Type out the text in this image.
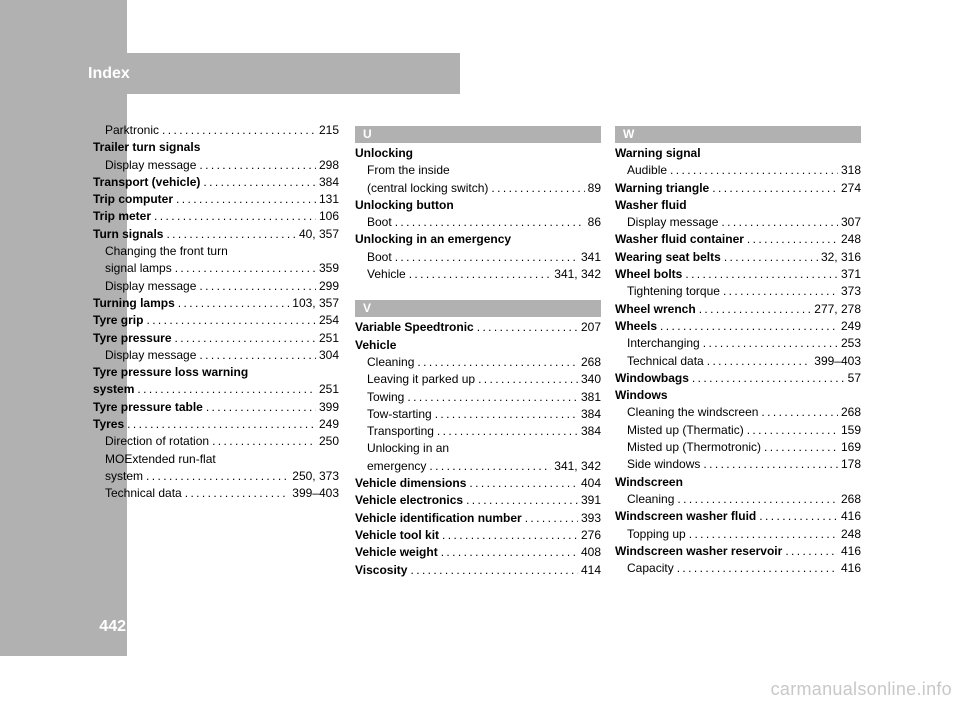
Index
442
Parktronic .....	215
Trailer turn signals
Display message .....	298
Transport (vehicle) .....	384
Trip computer .....	131
Trip meter .....	106
Turn signals .....	40, 357
Changing the front turn
signal lamps .....	359
Display message .....	299
Turning lamps .....	103, 357
Tyre grip .....	254
Tyre pressure .....	251
Display message .....	304
Tyre pressure loss warning
system .....	251
Tyre pressure table .....	399
Tyres .....	249
Direction of rotation .....	250
MOExtended run-flat
system .....	250, 373
Technical data .....	399–403
U
Unlocking
From the inside
(central locking switch) .....	89
Unlocking button
Boot .....	86
Unlocking in an emergency
Boot .....	341
Vehicle .....	341, 342
V
Variable Speedtronic .....	207
Vehicle
Cleaning .....	268
Leaving it parked up .....	340
Towing .....	381
Tow-starting .....	384
Transporting .....	384
Unlocking in an
emergency .....	341, 342
Vehicle dimensions .....	404
Vehicle electronics .....	391
Vehicle identification number .....	393
Vehicle tool kit .....	276
Vehicle weight .....	408
Viscosity .....	414
W
Warning signal
Audible .....	318
Warning triangle .....	274
Washer fluid
Display message .....	307
Washer fluid container .....	248
Wearing seat belts .....	32, 316
Wheel bolts .....	371
Tightening torque .....	373
Wheel wrench .....	277, 278
Wheels .....	249
Interchanging .....	253
Technical data .....	399–403
Windowbags .....	57
Windows
Cleaning the windscreen .....	268
Misted up (Thermatic) .....	159
Misted up (Thermotronic) .....	169
Side windows .....	178
Windscreen
Cleaning .....	268
Windscreen washer fluid .....	416
Topping up .....	248
Windscreen washer reservoir .....	416
Capacity .....	416
carmanualsonline.info
